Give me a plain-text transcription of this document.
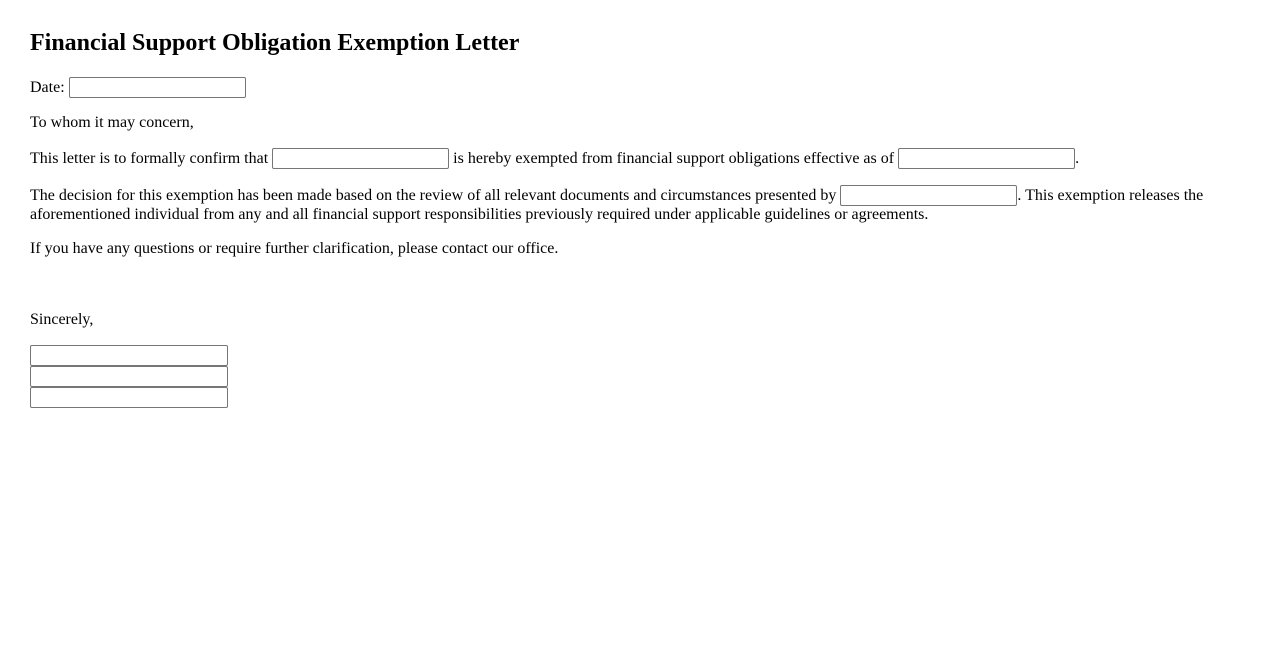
Financial Support Obligation Exemption Letter

Date:

To whom it may concern,

This letter is to formally confirm that	is hereby exempted from financial support obligations effective as of	.

The decision for this exemption has been made based on the review of all relevant documents and circumstances presented by	. This exemption releases the aforementioned individual from any and all financial support responsibilities previously required under applicable guidelines or agreements.

If you have any questions or require further clarification, please contact our office.

Sincerely,
